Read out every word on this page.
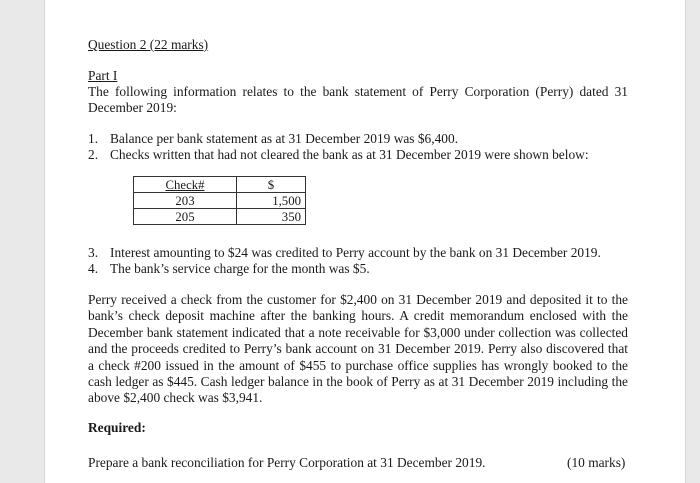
Question 2 (22 marks)
Part I
The following information relates to the bank statement of Perry Corporation (Perry) dated 31 December 2019:
1. Balance per bank statement as at 31 December 2019 was $6,400.
2. Checks written that had not cleared the bank as at 31 December 2019 were shown below:
Check#	$
203	1,500
205	350
3. Interest amounting to $24 was credited to Perry account by the bank on 31 December 2019.
4. The bank’s service charge for the month was $5.
Perry received a check from the customer for $2,400 on 31 December 2019 and deposited it to the bank’s check deposit machine after the banking hours. A credit memorandum enclosed with the December bank statement indicated that a note receivable for $3,000 under collection was collected and the proceeds credited to Perry’s bank account on 31 December 2019. Perry also discovered that a check #200 issued in the amount of $455 to purchase office supplies has wrongly booked to the cash ledger as $445. Cash ledger balance in the book of Perry as at 31 December 2019 including the above $2,400 check was $3,941.
Required:
Prepare a bank reconciliation for Perry Corporation at 31 December 2019.	(10 marks)
